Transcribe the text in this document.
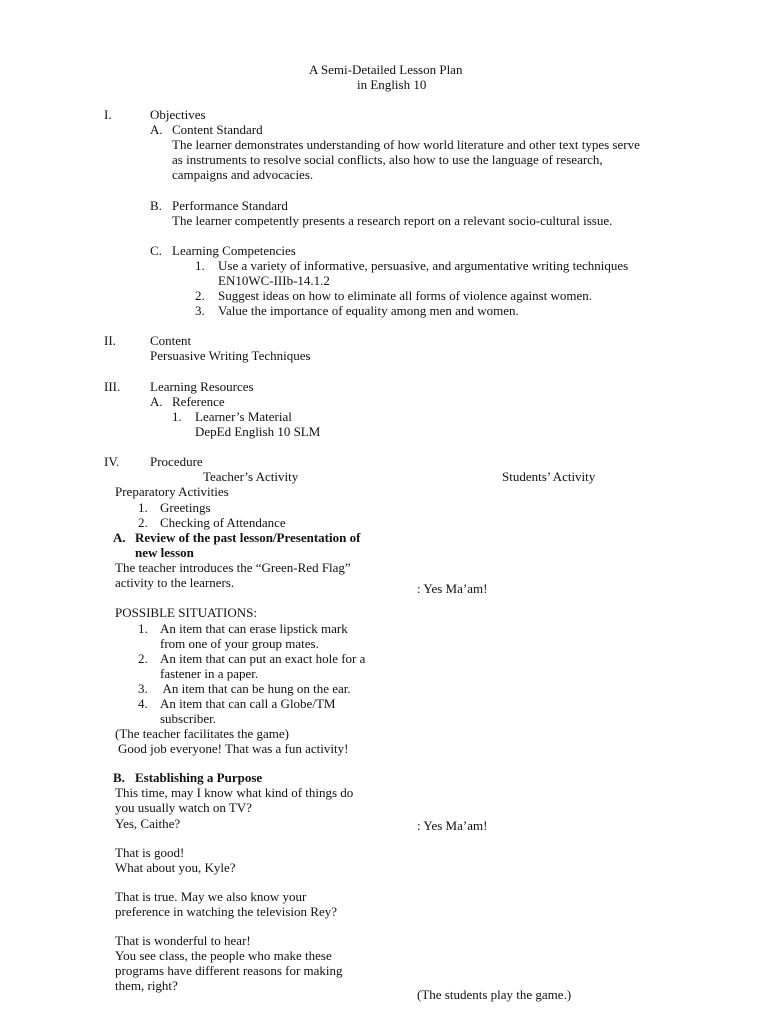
A Semi-Detailed Lesson Plan
in English 10
I.	Objectives
A. Content Standard
The learner demonstrates understanding of how world literature and other text types serve
as instruments to resolve social conflicts, also how to use the language of research,
campaigns and advocacies.
B. Performance Standard
The learner competently presents a research report on a relevant socio-cultural issue.
C. Learning Competencies
1. Use a variety of informative, persuasive, and argumentative writing techniques
EN10WC-IIIb-14.1.2
2. Suggest ideas on how to eliminate all forms of violence against women.
3. Value the importance of equality among men and women.
II.	Content
Persuasive Writing Techniques
III. Learning Resources
A. Reference
1. Learner’s Material
DepEd English 10 SLM
IV. Procedure
Teacher’s Activity	Students’ Activity
Preparatory Activities
1. Greetings
2. Checking of Attendance
A. Review of the past lesson/Presentation of
new lesson
The teacher introduces the “Green-Red Flag”
activity to the learners.	: Yes Ma’am!
POSSIBLE SITUATIONS:
1. An item that can erase lipstick mark
from one of your group mates.
2. An item that can put an exact hole for a
fastener in a paper.
3. An item that can be hung on the ear.
4. An item that can call a Globe/TM
subscriber.
(The teacher facilitates the game)
Good job everyone! That was a fun activity!
B. Establishing a Purpose
This time, may I know what kind of things do
you usually watch on TV?
Yes, Caithe?	: Yes Ma’am!
That is good!
What about you, Kyle?
That is true. May we also know your
preference in watching the television Rey?
That is wonderful to hear!
You see class, the people who make these
programs have different reasons for making
them, right?
(The students play the game.)
